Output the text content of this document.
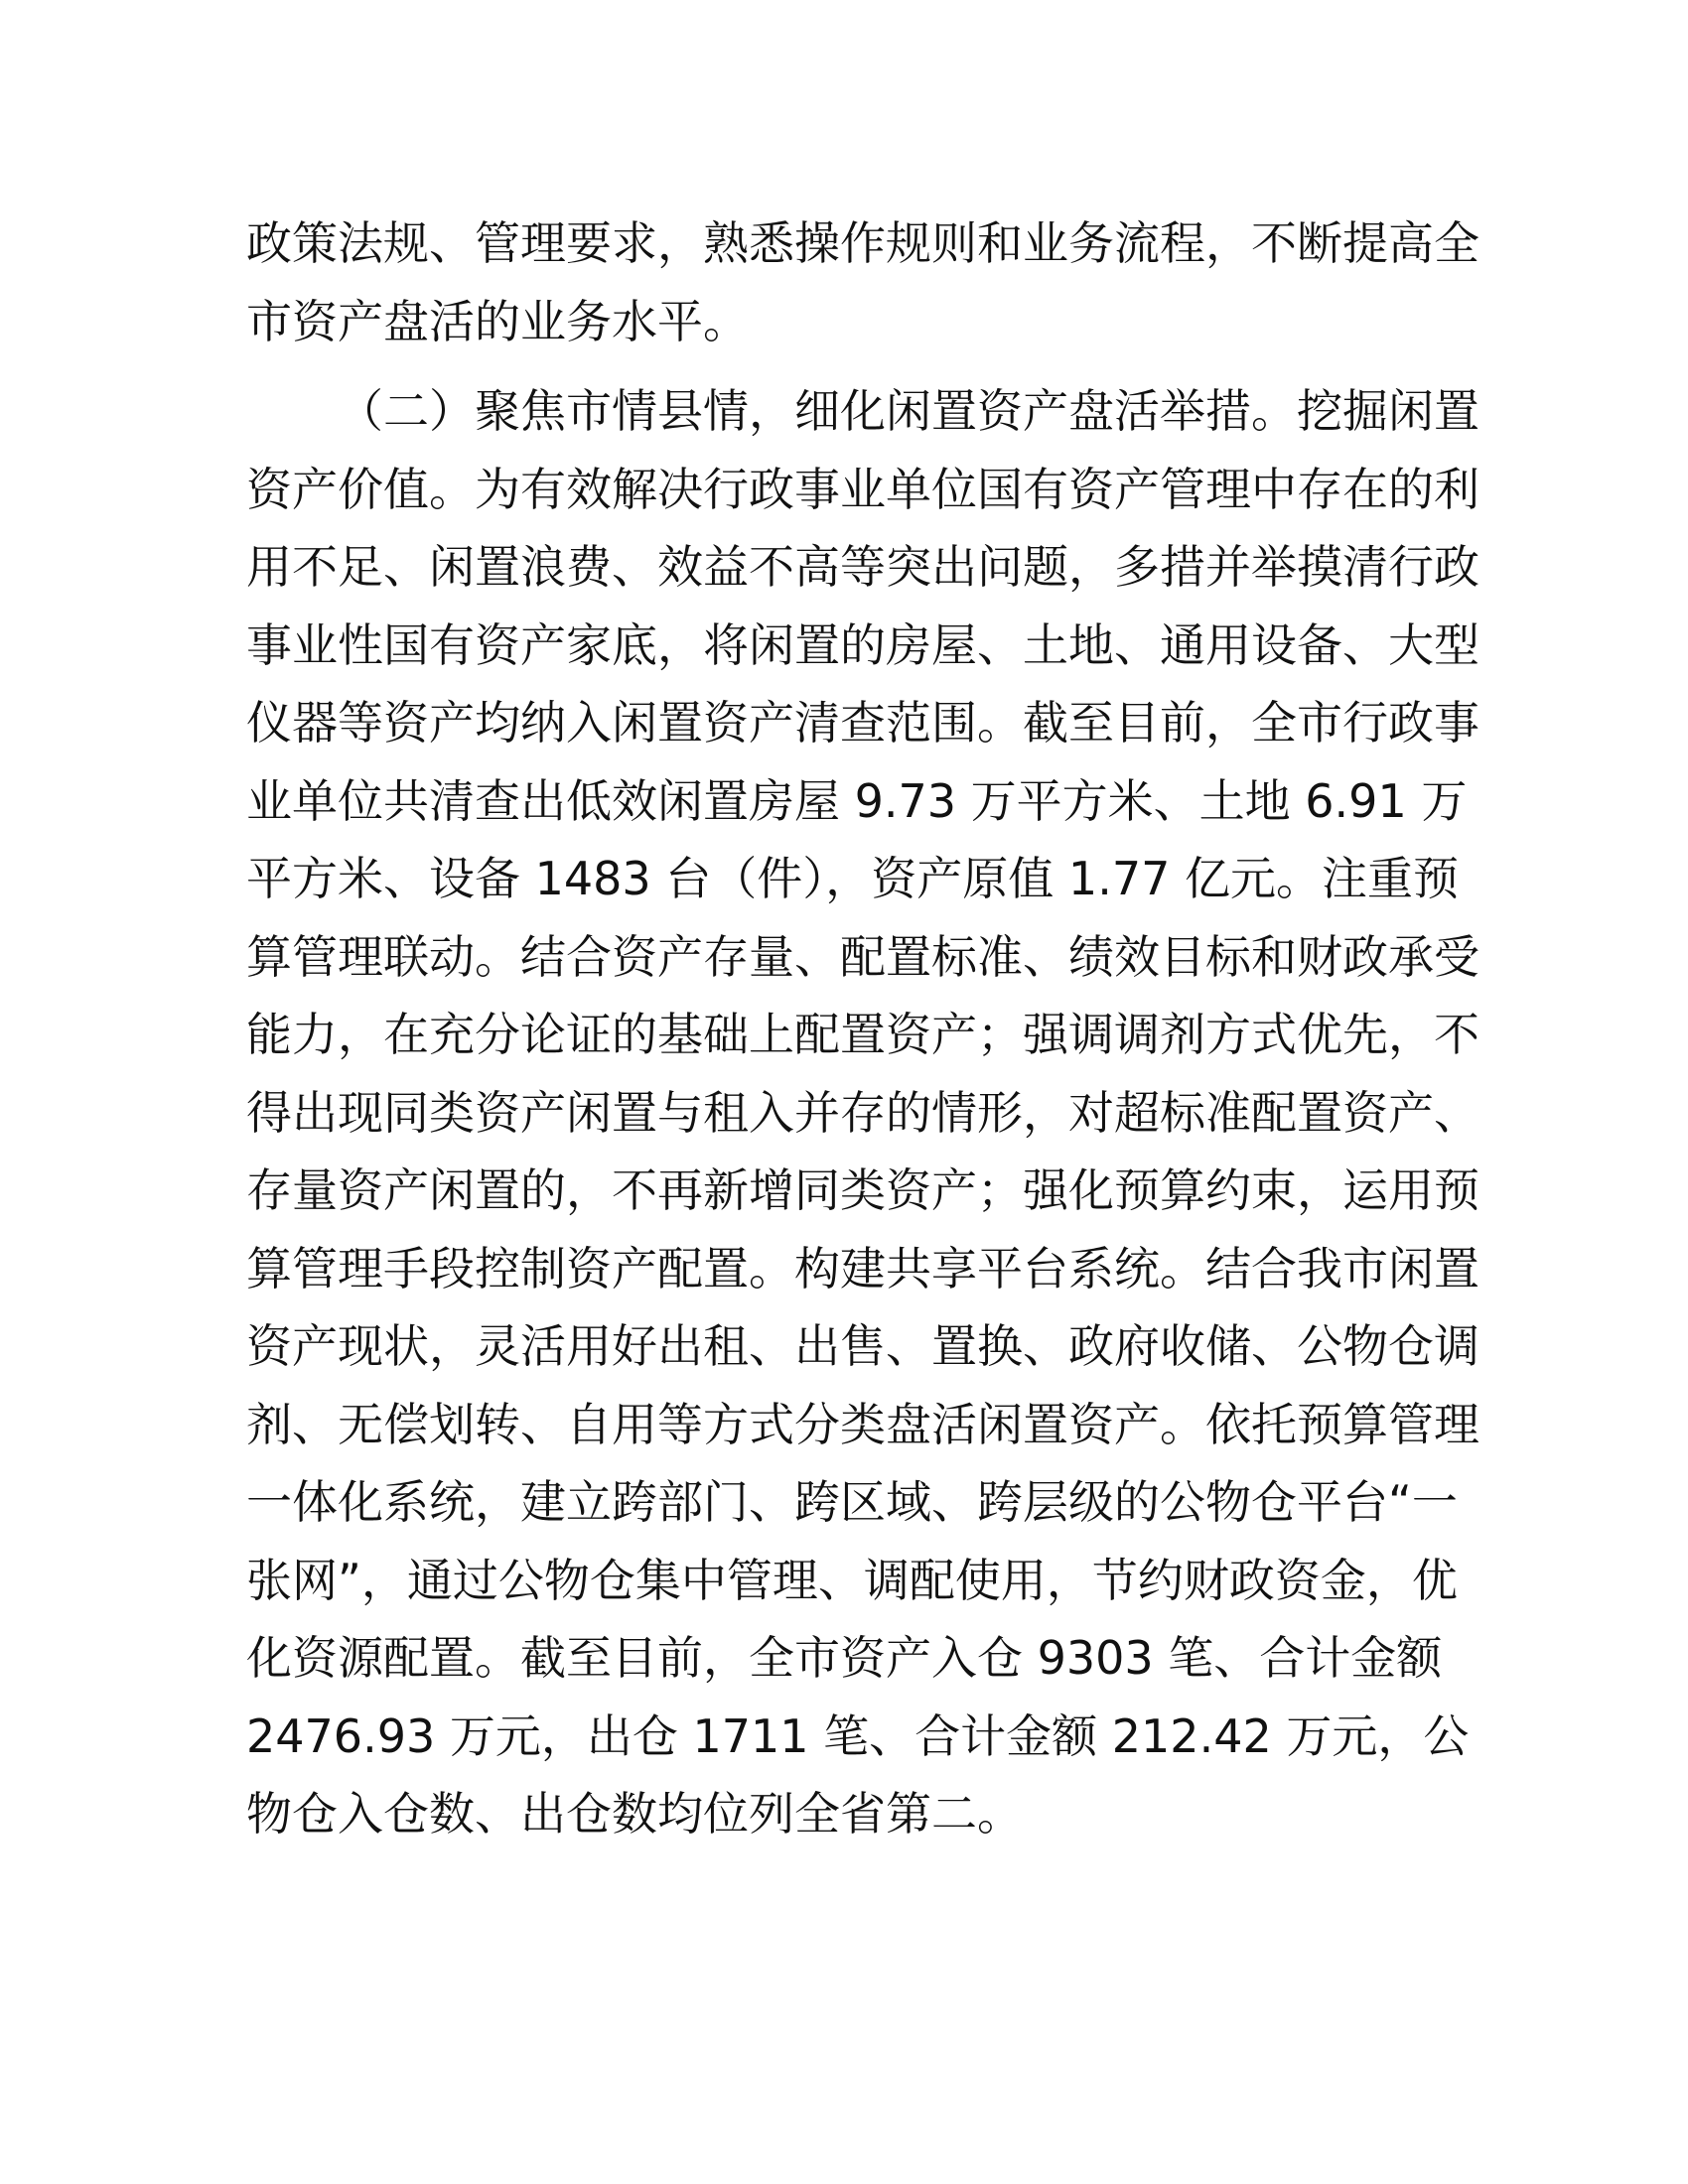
政策法规、管理要求，熟悉操作规则和业务流程，不断提高全
市资产盘活的业务水平。

（二）聚焦市情县情，细化闲置资产盘活举措。挖掘闲置
资产价值。为有效解决行政事业单位国有资产管理中存在的利
用不足、闲置浪费、效益不高等突出问题，多措并举摸清行政
事业性国有资产家底，将闲置的房屋、土地、通用设备、大型
仪器等资产均纳入闲置资产清查范围。截至目前，全市行政事
业单位共清查出低效闲置房屋 9.73 万平方米、土地 6.91 万
平方米、设备 1483 台（件），资产原值 1.77 亿元。注重预
算管理联动。结合资产存量、配置标准、绩效目标和财政承受
能力，在充分论证的基础上配置资产；强调调剂方式优先，不
得出现同类资产闲置与租入并存的情形，对超标准配置资产、
存量资产闲置的，不再新增同类资产；强化预算约束，运用预
算管理手段控制资产配置。构建共享平台系统。结合我市闲置
资产现状，灵活用好出租、出售、置换、政府收储、公物仓调
剂、无偿划转、自用等方式分类盘活闲置资产。依托预算管理
一体化系统，建立跨部门、跨区域、跨层级的公物仓平台“一
张网”，通过公物仓集中管理、调配使用，节约财政资金，优
化资源配置。截至目前，全市资产入仓 9303 笔、合计金额
2476.93 万元，出仓 1711 笔、合计金额 212.42 万元，公
物仓入仓数、出仓数均位列全省第二。
